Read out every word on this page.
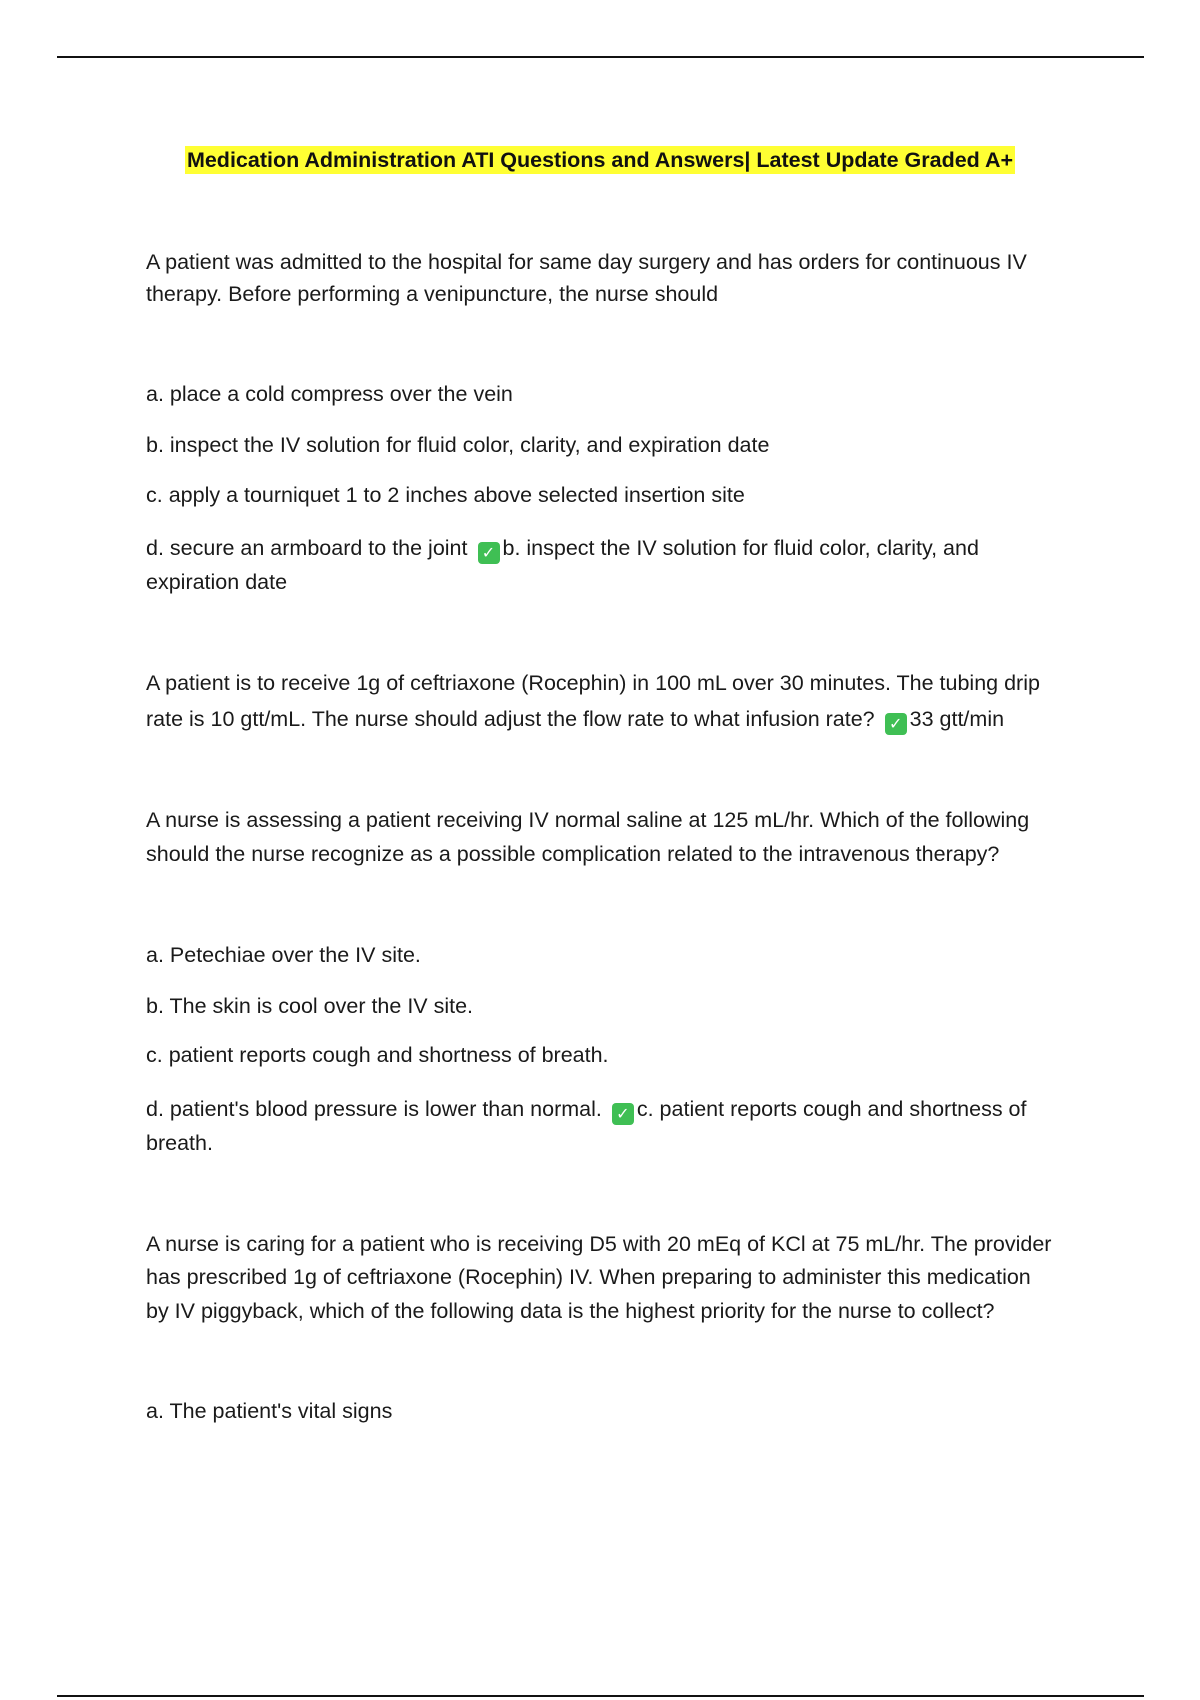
Medication Administration ATI Questions and Answers| Latest Update Graded A+
A patient was admitted to the hospital for same day surgery and has orders for continuous IV
therapy. Before performing a venipuncture, the nurse should
a. place a cold compress over the vein
b. inspect the IV solution for fluid color, clarity, and expiration date
c. apply a tourniquet 1 to 2 inches above selected insertion site
d. secure an armboard to the joint ✓ b. inspect the IV solution for fluid color, clarity, and
expiration date
A patient is to receive 1g of ceftriaxone (Rocephin) in 100 mL over 30 minutes. The tubing drip
rate is 10 gtt/mL. The nurse should adjust the flow rate to what infusion rate? ✓ 33 gtt/min
A nurse is assessing a patient receiving IV normal saline at 125 mL/hr. Which of the following
should the nurse recognize as a possible complication related to the intravenous therapy?
a. Petechiae over the IV site.
b. The skin is cool over the IV site.
c. patient reports cough and shortness of breath.
d. patient's blood pressure is lower than normal. ✓ c. patient reports cough and shortness of
breath.
A nurse is caring for a patient who is receiving D5 with 20 mEq of KCl at 75 mL/hr. The provider
has prescribed 1g of ceftriaxone (Rocephin) IV. When preparing to administer this medication
by IV piggyback, which of the following data is the highest priority for the nurse to collect?
a. The patient's vital signs
